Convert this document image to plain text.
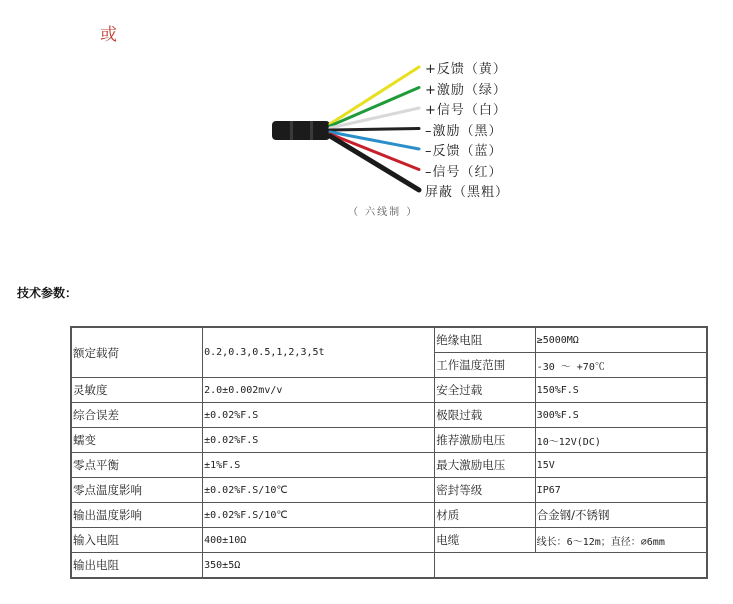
或
+反馈（黄）
+激励（绿）
+信号（白）
–激励（黑）
–反馈（蓝）
–信号（红）
屏蔽（黑粗）
（ 六线制 ）
技术参数：
额定载荷	0.2,0.3,0.5,1,2,3,5t	绝缘电阻	≥5000MΩ
		工作温度范围	-30 ～ +70℃
灵敏度	2.0±0.002mv/v	安全过载	150%F.S
综合误差	±0.02%F.S	极限过载	300%F.S
蠕变	±0.02%F.S	推荐激励电压	10～12V(DC)
零点平衡	±1%F.S	最大激励电压	15V
零点温度影响	±0.02%F.S/10℃	密封等级	IP67
输出温度影响	±0.02%F.S/10℃	材质	合金钢/不锈钢
输入电阻	400±10Ω	电缆	线长：6～12m；直径：∅6mm
输出电阻	350±5Ω		
